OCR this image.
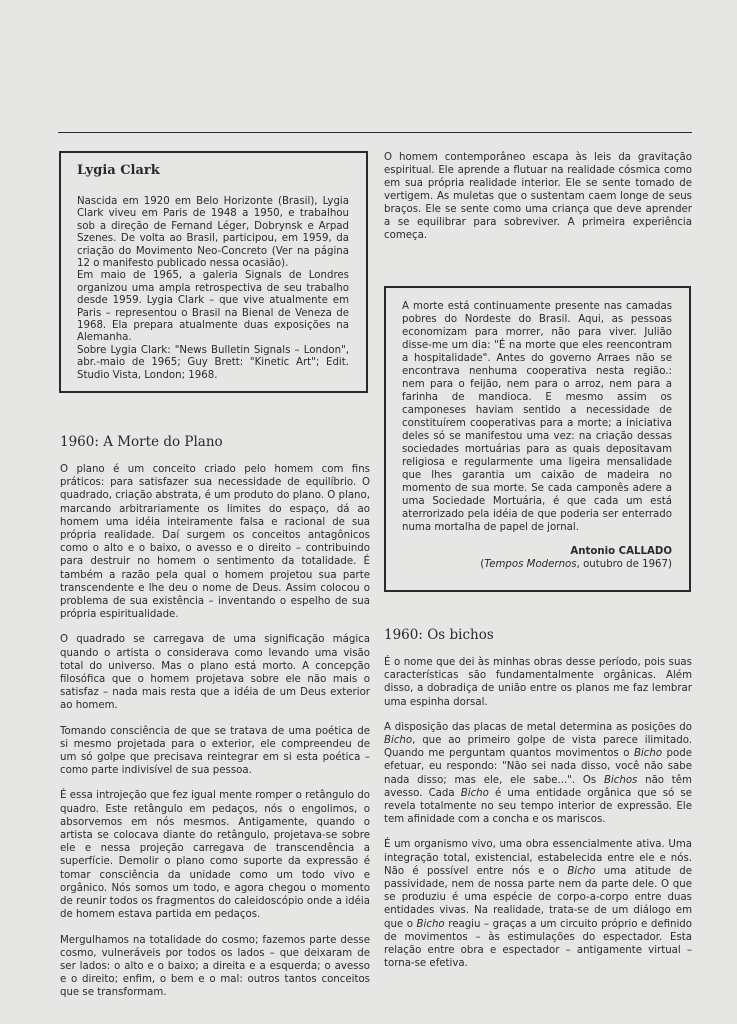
Lygia Clark

Nascida em 1920 em Belo Horizonte (Brasil), Lygia Clark viveu em Paris de 1948 a 1950, e trabalhou sob a direção de Fernand Léger, Dobrynsk e Arpad Szenes. De volta ao Brasil, participou, em 1959, da criação do Movimento Neo-Concreto (Ver na página 12 o manifesto publicado nessa ocasião).

Em maio de 1965, a galeria Signals de Londres organizou uma ampla retrospectiva de seu trabalho desde 1959. Lygia Clark – que vive atualmente em Paris – representou o Brasil na Bienal de Veneza de 1968. Ela prepara atualmente duas exposições na Alemanha.

Sobre Lygia Clark: "News Bulletin Signals – London", abr.-maio de 1965; Guy Brett: "Kinetic Art"; Edit. Studio Vista, London; 1968.

O homem contemporâneo escapa às leis da gravitação espiritual. Ele aprende a flutuar na realidade cósmica como em sua própria realidade interior. Ele se sente tomado de vertigem. As muletas que o sustentam caem longe de seus braços. Ele se sente como uma criança que deve aprender a se equilibrar para sobreviver. A primeira experiência começa.

A morte está continuamente presente nas camadas pobres do Nordeste do Brasil. Aqui, as pessoas economizam para morrer, não para viver. Julião disse-me um dia: "É na morte que eles reencontram a hospitalidade". Antes do governo Arraes não se encontrava nenhuma cooperativa nesta região.: nem para o feijão, nem para o arroz, nem para a farinha de mandioca. E mesmo assim os camponeses haviam sentido a necessidade de constituírem cooperativas para a morte; a iniciativa deles só se manifestou uma vez: na criação dessas sociedades mortuárias para as quais depositavam religiosa e regularmente uma ligeira mensalidade que lhes garantia um caixão de madeira no momento de sua morte. Se cada camponês adere a uma Sociedade Mortuária, é que cada um está aterrorizado pela idéia de que poderia ser enterrado numa mortalha de papel de jornal.

Antonio CALLADO
(Tempos Modernos, outubro de 1967)
1960: A Morte do Plano

O plano é um conceito criado pelo homem com fins práticos: para satisfazer sua necessidade de equilíbrio. O quadrado, criação abstrata, é um produto do plano. O plano, marcando arbitrariamente os limites do espaço, dá ao homem uma idéia inteiramente falsa e racional de sua própria realidade. Daí surgem os conceitos antagônicos como o alto e o baixo, o avesso e o direito – contribuindo para destruir no homem o sentimento da totalidade. É também a razão pela qual o homem projetou sua parte transcendente e lhe deu o nome de Deus. Assim colocou o problema de sua existência – inventando o espelho de sua própria espiritualidade.

O quadrado se carregava de uma significação mágica quando o artista o considerava como levando uma visão total do universo. Mas o plano está morto. A concepção filosófica que o homem projetava sobre ele não mais o satisfaz – nada mais resta que a idéia de um Deus exterior ao homem.

Tomando consciência de que se tratava de uma poética de si mesmo projetada para o exterior, ele compreendeu de um só golpe que precisava reintegrar em si esta poética – como parte indivisível de sua pessoa.

É essa introjeção que fez igual mente romper o retângulo do quadro. Este retângulo em pedaços, nós o engolimos, o absorvemos em nós mesmos. Antigamente, quando o artista se colocava diante do retângulo, projetava-se sobre ele e nessa projeção carregava de transcendência a superfície. Demolir o plano como suporte da expressão é tomar consciência da unidade como um todo vivo e orgânico. Nós somos um todo, e agora chegou o momento de reunir todos os fragmentos do caleidoscópio onde a idéia de homem estava partida em pedaços.

Mergulhamos na totalidade do cosmo; fazemos parte desse cosmo, vulneráveis por todos os lados – que deixaram de ser lados: o alto e o baixo; a direita e a esquerda; o avesso e o direito; enfim, o bem e o mal: outros tantos conceitos que se transformam.

1960: Os bichos

É o nome que dei às minhas obras desse período, pois suas características são fundamentalmente orgânicas. Além disso, a dobradiça de união entre os planos me faz lembrar uma espinha dorsal.

A disposição das placas de metal determina as posições do Bicho, que ao primeiro golpe de vista parece ilimitado. Quando me perguntam quantos movimentos o Bicho pode efetuar, eu respondo: "Não sei nada disso, você não sabe nada disso; mas ele, ele sabe...". Os Bichos não têm avesso. Cada Bicho é uma entidade orgânica que só se revela totalmente no seu tempo interior de expressão. Ele tem afinidade com a concha e os mariscos.

É um organismo vivo, uma obra essencialmente ativa. Uma integração total, existencial, estabelecida entre ele e nós. Não é possível entre nós e o Bicho uma atitude de passividade, nem de nossa parte nem da parte dele. O que se produziu é uma espécie de corpo-a-corpo entre duas entidades vivas. Na realidade, trata-se de um diálogo em que o Bicho reagiu – graças a um circuito próprio e definido de movimentos – às estimulações do espectador. Esta relação entre obra e espectador – antigamente virtual – torna-se efetiva.
